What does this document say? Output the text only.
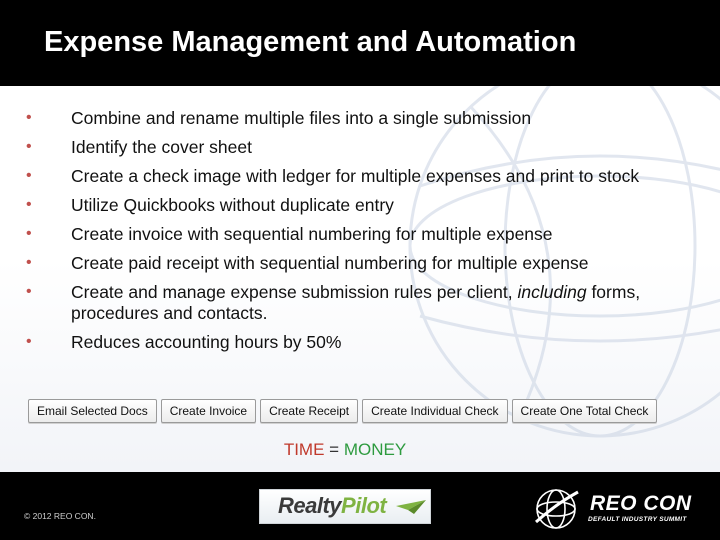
Expense Management and Automation
• Combine and rename multiple files into a single submission
• Identify the cover sheet
• Create a check image with ledger for multiple expenses and print to stock
• Utilize Quickbooks without duplicate entry
• Create invoice with sequential numbering for multiple expense
• Create paid receipt with sequential numbering for multiple expense
• Create and manage expense submission rules per client, including forms, procedures and contacts.
• Reduces accounting hours by 50%
Email Selected Docs	Create Invoice	Create Receipt	Create Individual Check	Create One Total Check
TIME = MONEY
© 2012 REO CON.	RealtyPilot	REO CON
DEFAULT INDUSTRY SUMMIT
